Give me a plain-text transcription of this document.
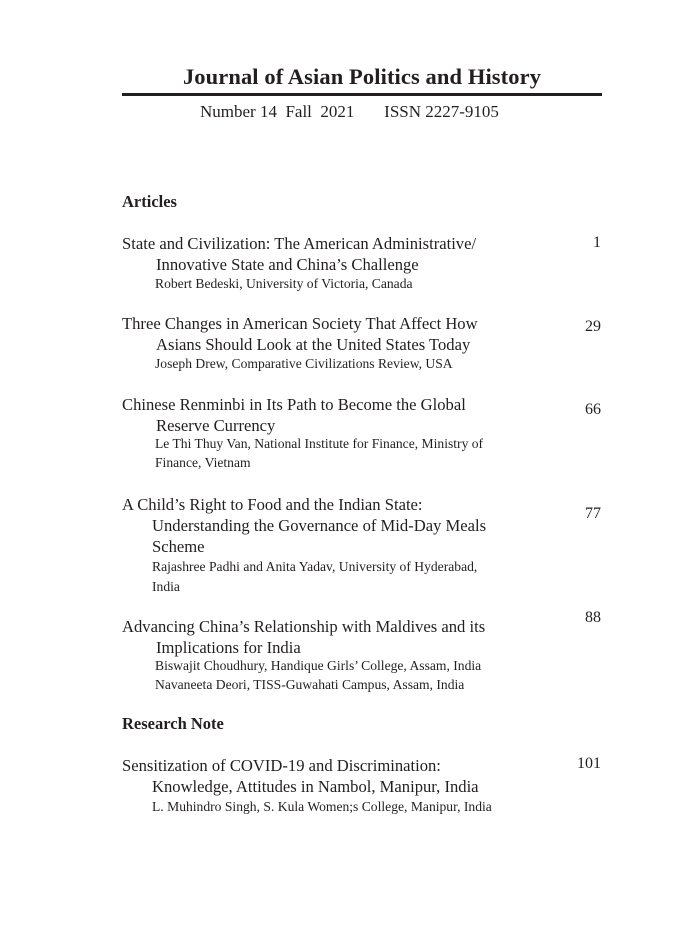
Journal of Asian Politics and History
Number 14  Fall  2021       ISSN 2227-9105
Articles
State and Civilization: The American Administrative/
Innovative State and China’s Challenge
Robert Bedeski, University of Victoria, Canada
1
Three Changes in American Society That Affect How
Asians Should Look at the United States Today
Joseph Drew, Comparative Civilizations Review, USA
29
Chinese Renminbi in Its Path to Become the Global
Reserve Currency
Le Thi Thuy Van, National Institute for Finance, Ministry of
Finance, Vietnam
66
A Child’s Right to Food and the Indian State:
Understanding the Governance of Mid-Day Meals
Scheme
Rajashree Padhi and Anita Yadav, University of Hyderabad,
India
77
Advancing China’s Relationship with Maldives and its
Implications for India
Biswajit Choudhury, Handique Girls’ College, Assam, India
Navaneeta Deori, TISS-Guwahati Campus, Assam, India
88
Research Note
Sensitization of COVID-19 and Discrimination:
Knowledge, Attitudes in Nambol, Manipur, India
L. Muhindro Singh, S. Kula Women;s College, Manipur, India
101
